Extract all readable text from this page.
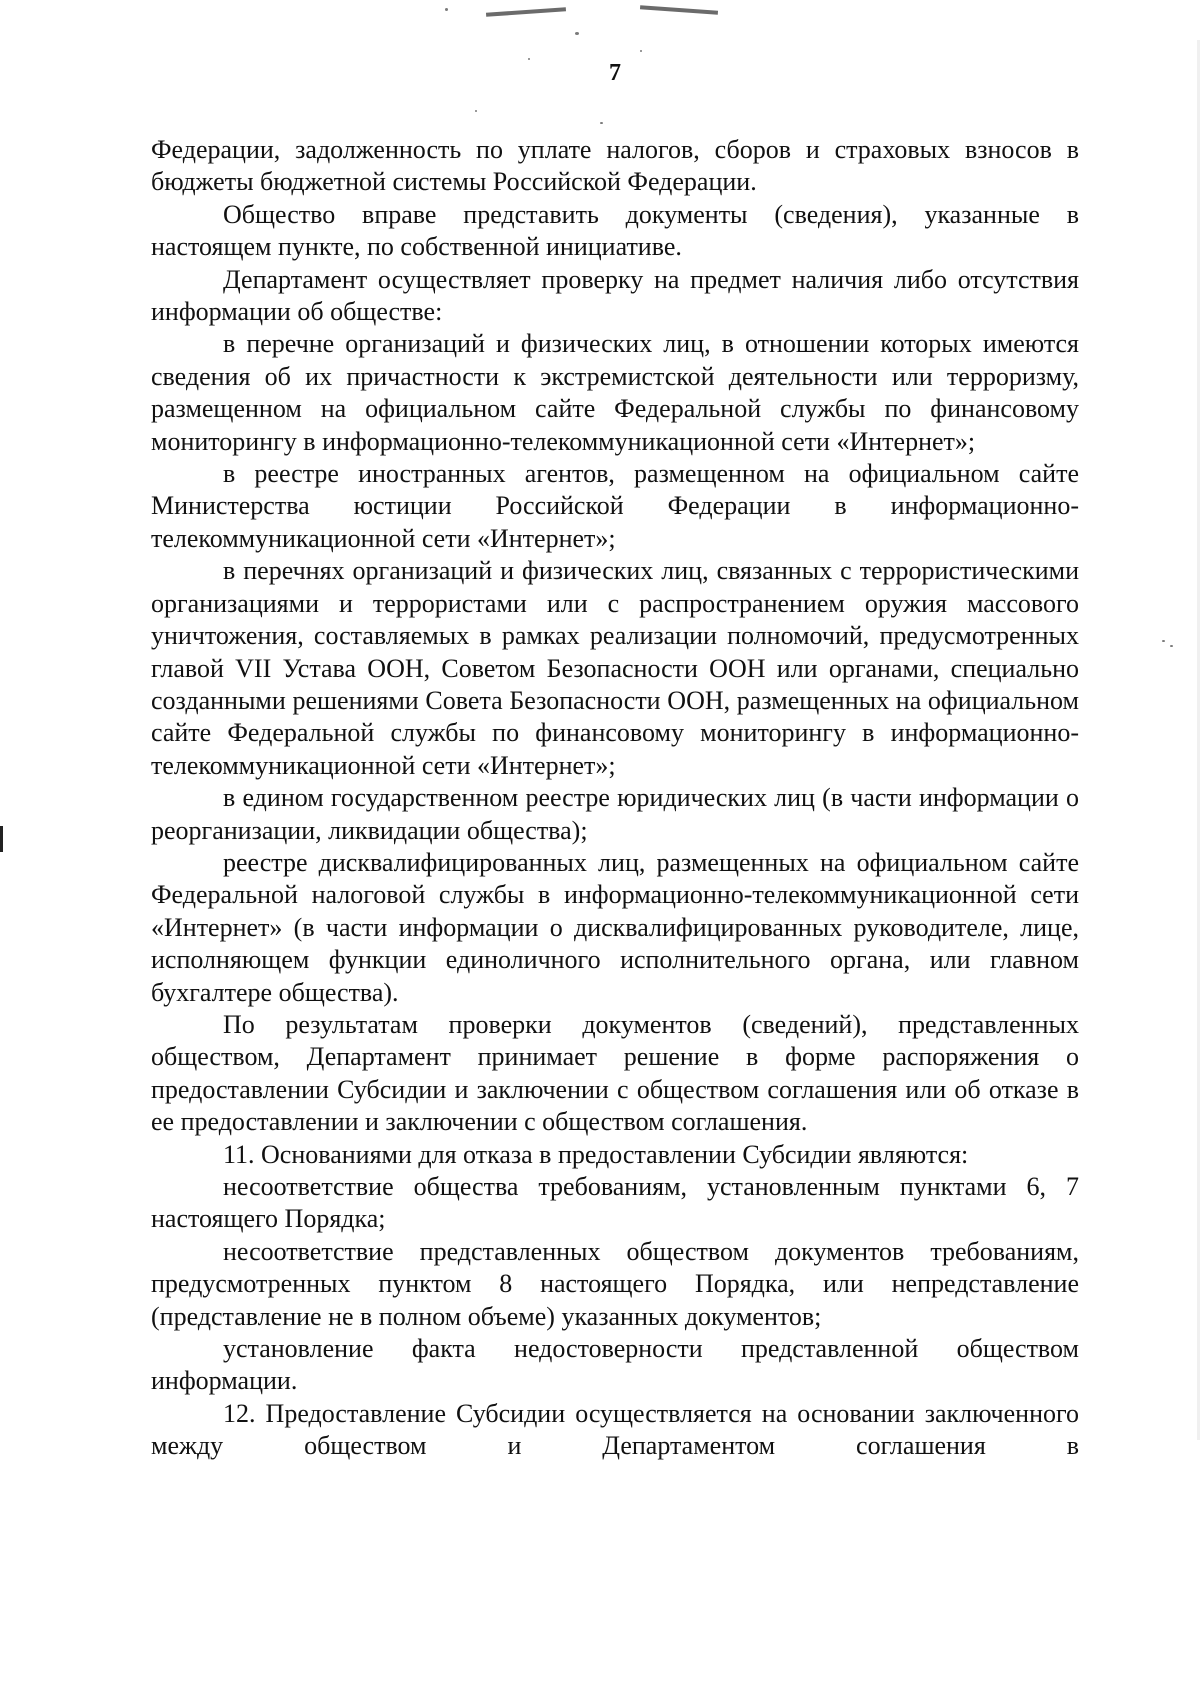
7

Федерации, задолженность по уплате налогов, сборов и страховых взносов в бюджеты бюджетной системы Российской Федерации.

Общество вправе представить документы (сведения), указанные в настоящем пункте, по собственной инициативе.

Департамент осуществляет проверку на предмет наличия либо отсутствия информации об обществе:

в перечне организаций и физических лиц, в отношении которых имеются сведения об их причастности к экстремистской деятельности или терроризму, размещенном на официальном сайте Федеральной службы по финансовому мониторингу в информационно-телекоммуникационной сети «Интернет»;

в реестре иностранных агентов, размещенном на официальном сайте Министерства юстиции Российской Федерации в информационно-телекоммуникационной сети «Интернет»;

в перечнях организаций и физических лиц, связанных с террористическими организациями и террористами или с распространением оружия массового уничтожения, составляемых в рамках реализации полномочий, предусмотренных главой VII Устава ООН, Советом Безопасности ООН или органами, специально созданными решениями Совета Безопасности ООН, размещенных на официальном сайте Федеральной службы по финансовому мониторингу в информационно-телекоммуникационной сети «Интернет»;

в едином государственном реестре юридических лиц (в части информации о реорганизации, ликвидации общества);

реестре дисквалифицированных лиц, размещенных на официальном сайте Федеральной налоговой службы в информационно-телекоммуникационной сети «Интернет» (в части информации о дисквалифицированных руководителе, лице, исполняющем функции единоличного исполнительного органа, или главном бухгалтере общества).

По результатам проверки документов (сведений), представленных обществом, Департамент принимает решение в форме распоряжения о предоставлении Субсидии и заключении с обществом соглашения или об отказе в ее предоставлении и заключении с обществом соглашения.

11. Основаниями для отказа в предоставлении Субсидии являются:

несоответствие общества требованиям, установленным пунктами 6, 7 настоящего Порядка;

несоответствие представленных обществом документов требованиям, предусмотренных пунктом 8 настоящего Порядка, или непредставление (представление не в полном объеме) указанных документов;

установление факта недостоверности представленной обществом информации.

12. Предоставление Субсидии осуществляется на основании заключенного между обществом и Департаментом соглашения в
